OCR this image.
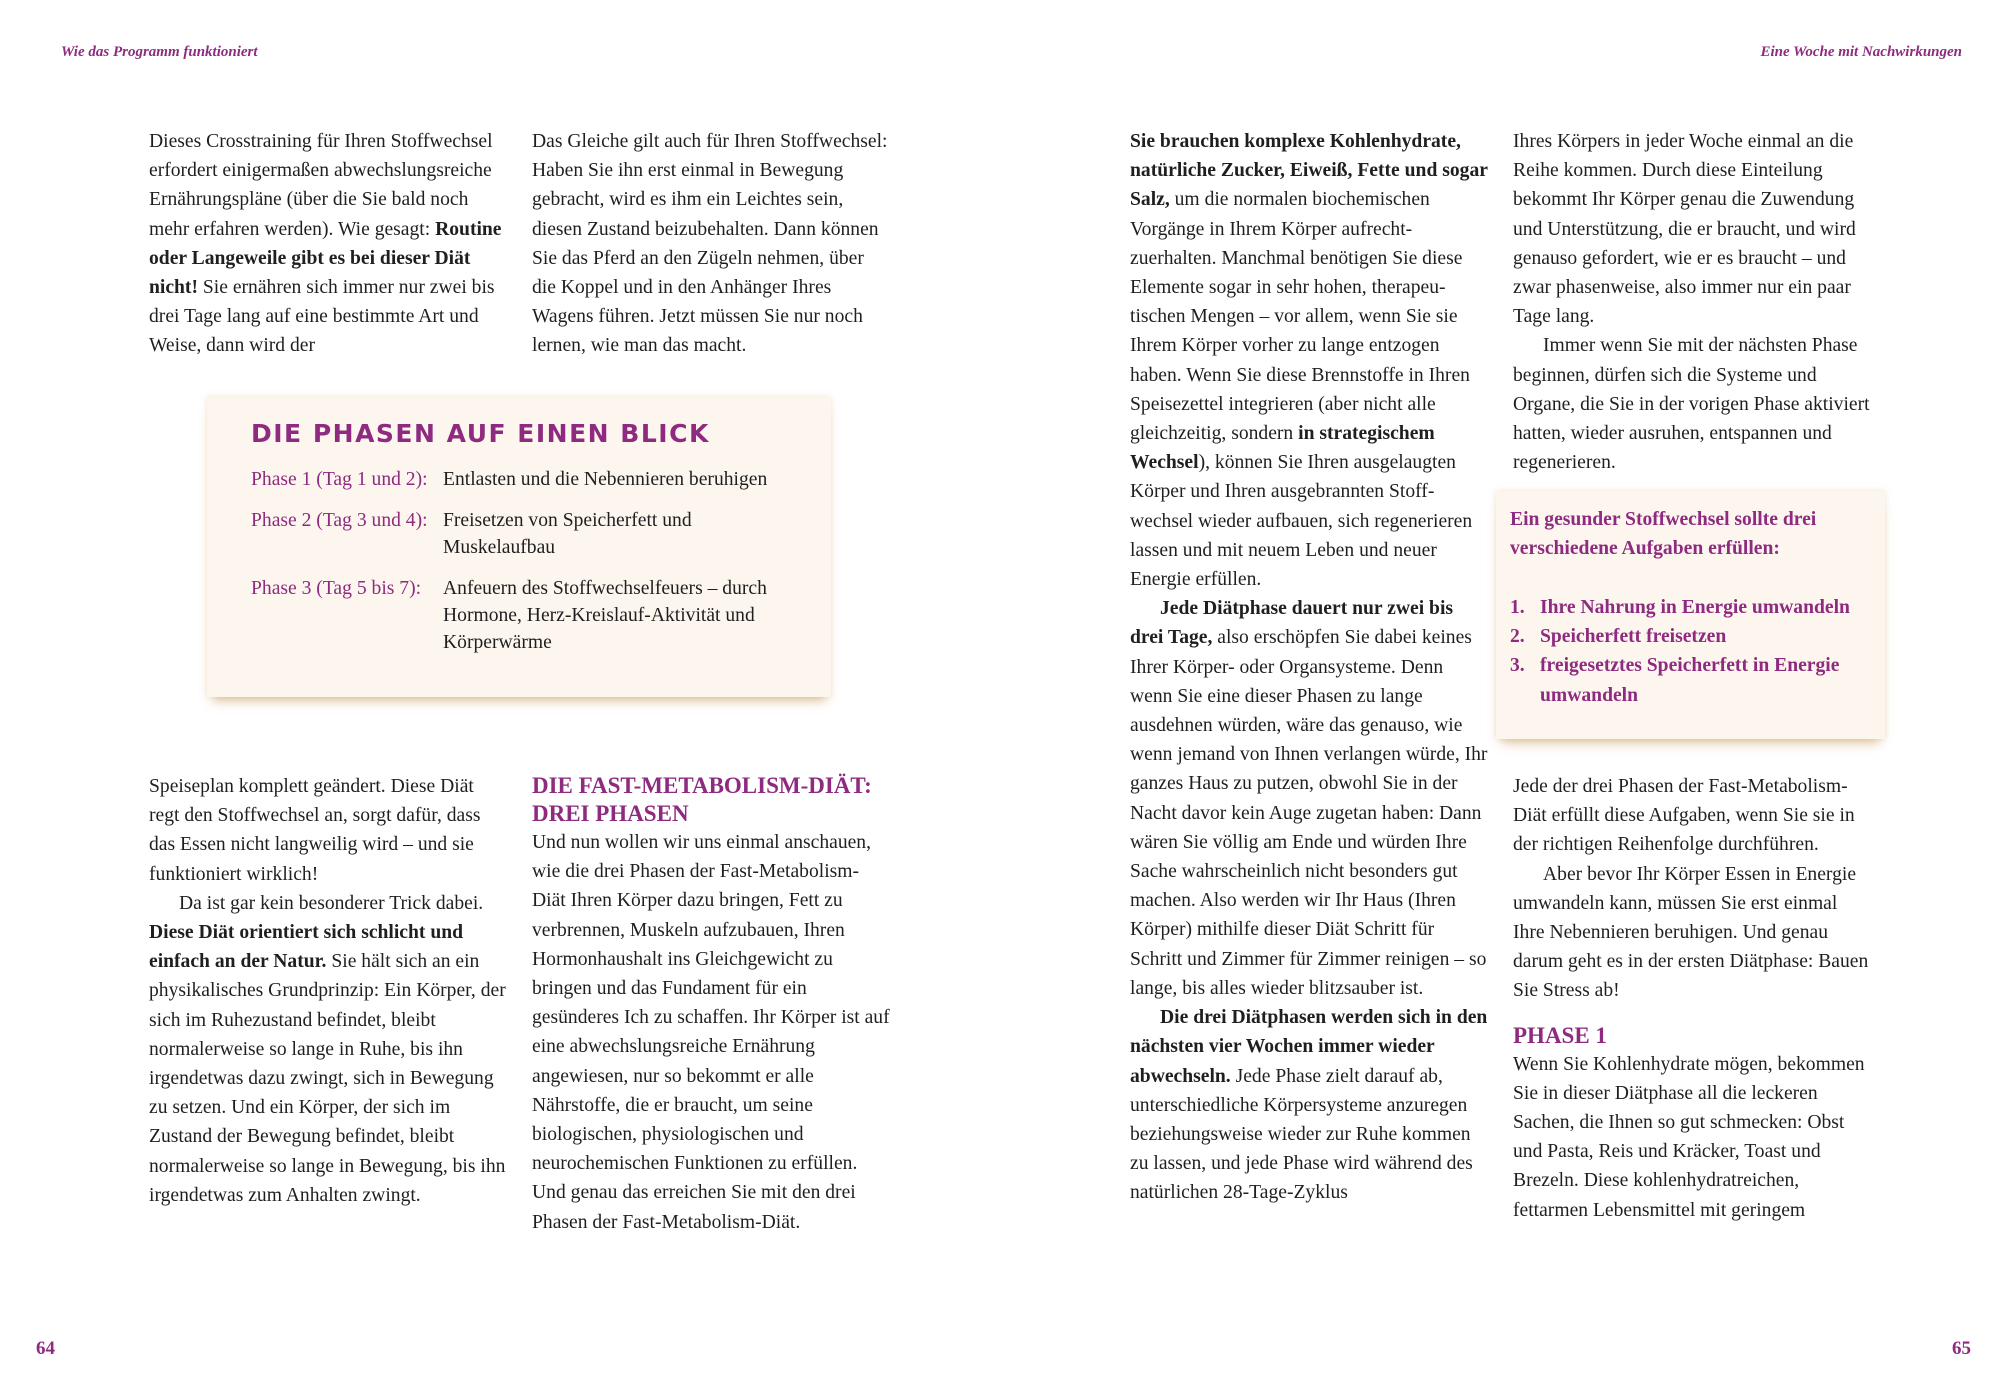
Wie das Programm funktioniert	Eine Woche mit Nachwirkungen

Dieses Crosstraining für Ihren Stoffwechsel erfordert einigermaßen abwechslungsreiche Ernährungspläne (über die Sie bald noch mehr erfahren werden). Wie gesagt: Routine oder Langeweile gibt es bei dieser Diät nicht! Sie ernähren sich immer nur zwei bis drei Tage lang auf eine bestimmte Art und Weise, dann wird der

Das Gleiche gilt auch für Ihren Stoffwechsel: Haben Sie ihn erst einmal in Bewegung gebracht, wird es ihm ein Leichtes sein, diesen Zustand beizubehalten. Dann können Sie das Pferd an den Zügeln nehmen, über die Koppel und in den Anhänger Ihres Wagens führen. Jetzt müssen Sie nur noch lernen, wie man das macht.

DIE PHASEN AUF EINEN BLICK

Phase 1 (Tag 1 und 2):	Entlasten und die Nebennieren beruhigen
Phase 2 (Tag 3 und 4):	Freisetzen von Speicherfett und Muskelaufbau
Phase 3 (Tag 5 bis 7):	Anfeuern des Stoffwechselfeuers – durch Hormone, Herz-Kreislauf-Aktivität und Körperwärme

Speiseplan komplett geändert. Diese Diät regt den Stoffwechsel an, sorgt dafür, dass das Essen nicht langweilig wird – und sie funktioniert wirklich!

Da ist gar kein besonderer Trick dabei. Diese Diät orientiert sich schlicht und einfach an der Natur. Sie hält sich an ein physikalisches Grundprinzip: Ein Körper, der sich im Ruhezustand befindet, bleibt normalerweise so lange in Ruhe, bis ihn irgendetwas dazu zwingt, sich in Bewegung zu setzen. Und ein Körper, der sich im Zustand der Bewegung befindet, bleibt normalerweise so lange in Bewegung, bis ihn irgendetwas zum Anhalten zwingt.

DIE FAST-METABOLISM-DIÄT:
DREI PHASEN

Und nun wollen wir uns einmal anschauen, wie die drei Phasen der Fast-Metabolism-Diät Ihren Körper dazu bringen, Fett zu verbrennen, Muskeln aufzubauen, Ihren Hormonhaushalt ins Gleichgewicht zu bringen und das Fundament für ein gesünderes Ich zu schaffen. Ihr Körper ist auf eine abwechslungsreiche Ernährung angewiesen, nur so bekommt er alle Nährstoffe, die er braucht, um seine biologischen, physiologischen und neurochemischen Funktionen zu erfüllen. Und genau das erreichen Sie mit den drei Phasen der Fast-Metabolism-Diät.

Sie brauchen komplexe Kohlenhydrate, natürliche Zucker, Eiweiß, Fette und sogar Salz, um die normalen biochemischen Vorgänge in Ihrem Körper aufrechtzuerhalten. Manchmal benötigen Sie diese Elemente sogar in sehr hohen, therapeutischen Mengen – vor allem, wenn Sie sie Ihrem Körper vorher zu lange entzogen haben. Wenn Sie diese Brennstoffe in Ihren Speisezettel integrieren (aber nicht alle gleichzeitig, sondern in strategischem Wechsel), können Sie Ihren ausgelaugten Körper und Ihren ausgebrannten Stoffwechsel wieder aufbauen, sich regenerieren lassen und mit neuem Leben und neuer Energie erfüllen.

Jede Diätphase dauert nur zwei bis drei Tage, also erschöpfen Sie dabei keines Ihrer Körper- oder Organsysteme. Denn wenn Sie eine dieser Phasen zu lange ausdehnen würden, wäre das genauso, wie wenn jemand von Ihnen verlangen würde, Ihr ganzes Haus zu putzen, obwohl Sie in der Nacht davor kein Auge zugetan haben: Dann wären Sie völlig am Ende und würden Ihre Sache wahrscheinlich nicht besonders gut machen. Also werden wir Ihr Haus (Ihren Körper) mithilfe dieser Diät Schritt für Schritt und Zimmer für Zimmer reinigen – so lange, bis alles wieder blitzsauber ist.

Die drei Diätphasen werden sich in den nächsten vier Wochen immer wieder abwechseln. Jede Phase zielt darauf ab, unterschiedliche Körpersysteme anzuregen beziehungsweise wieder zur Ruhe kommen zu lassen, und jede Phase wird während des natürlichen 28-Tage-Zyklus

Ihres Körpers in jeder Woche einmal an die Reihe kommen. Durch diese Einteilung bekommt Ihr Körper genau die Zuwendung und Unterstützung, die er braucht, und wird genauso gefordert, wie er es braucht – und zwar phasenweise, also immer nur ein paar Tage lang.

Immer wenn Sie mit der nächsten Phase beginnen, dürfen sich die Systeme und Organe, die Sie in der vorigen Phase aktiviert hatten, wieder ausruhen, entspannen und regenerieren.

Ein gesunder Stoffwechsel sollte drei verschiedene Aufgaben erfüllen:

1. Ihre Nahrung in Energie umwandeln
2. Speicherfett freisetzen
3. freigesetztes Speicherfett in Energie umwandeln

Jede der drei Phasen der Fast-Metabolism-Diät erfüllt diese Aufgaben, wenn Sie sie in der richtigen Reihenfolge durchführen.

Aber bevor Ihr Körper Essen in Energie umwandeln kann, müssen Sie erst einmal Ihre Nebennieren beruhigen. Und genau darum geht es in der ersten Diätphase: Bauen Sie Stress ab!

PHASE 1

Wenn Sie Kohlenhydrate mögen, bekommen Sie in dieser Diätphase all die leckeren Sachen, die Ihnen so gut schmecken: Obst und Pasta, Reis und Kräcker, Toast und Brezeln. Diese kohlenhydratreichen, fettarmen Lebensmittel mit geringem

64	65
